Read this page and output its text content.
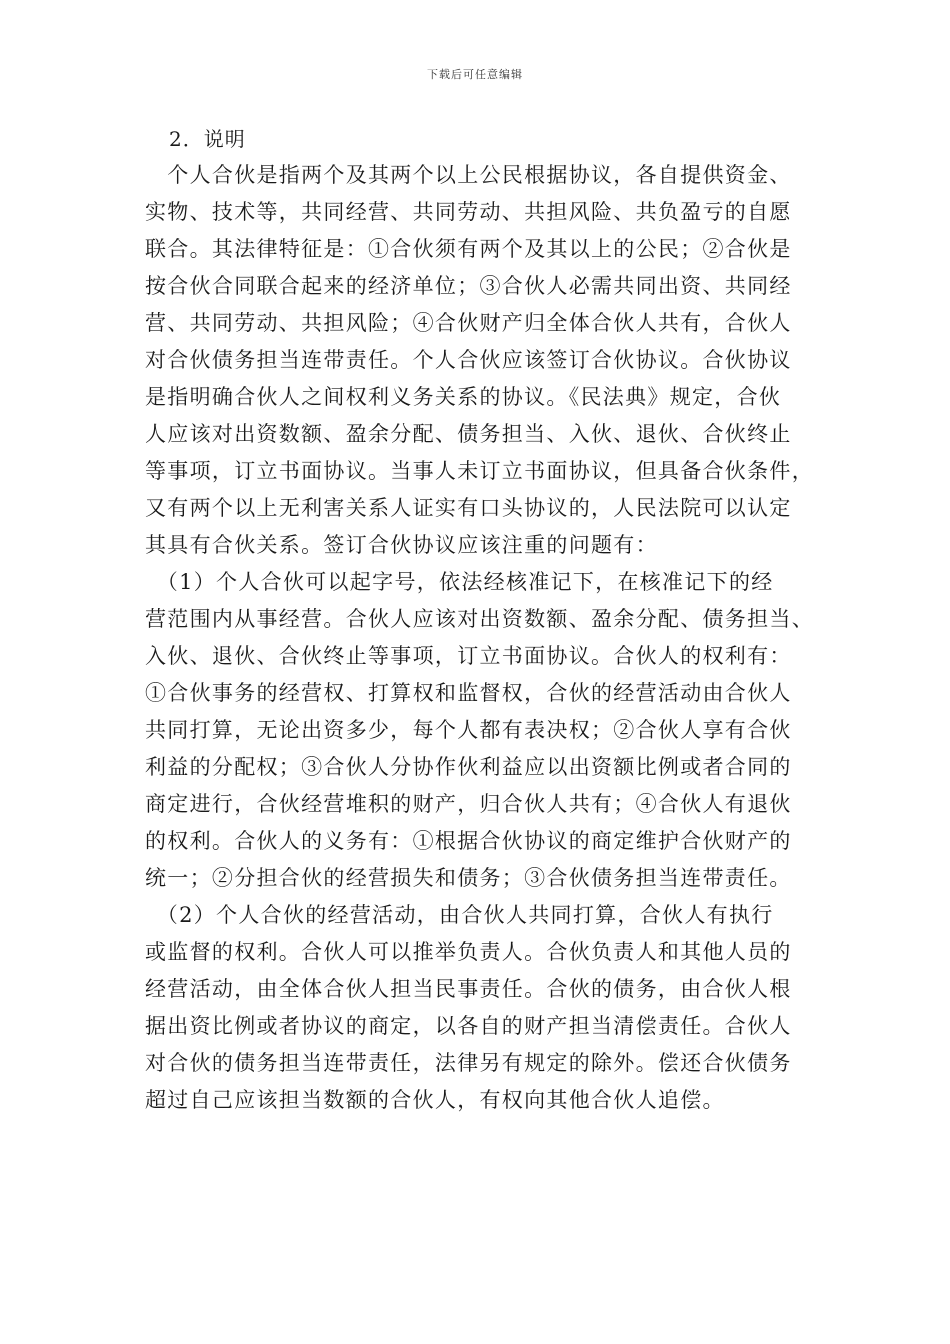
下载后可任意编辑
2．说明
　个人合伙是指两个及其两个以上公民根据协议，各自提供资金、
实物、技术等，共同经营、共同劳动、共担风险、共负盈亏的自愿
联合。其法律特征是：①合伙须有两个及其以上的公民；②合伙是
按合伙合同联合起来的经济单位；③合伙人必需共同出资、共同经
营、共同劳动、共担风险；④合伙财产归全体合伙人共有，合伙人
对合伙债务担当连带责任。个人合伙应该签订合伙协议。合伙协议
是指明确合伙人之间权利义务关系的协议。《民法典》规定，合伙
人应该对出资数额、盈余分配、债务担当、入伙、退伙、合伙终止
等事项，订立书面协议。当事人未订立书面协议，但具备合伙条件，
又有两个以上无利害关系人证实有口头协议的，人民法院可以认定
其具有合伙关系。签订合伙协议应该注重的问题有：
　（1）个人合伙可以起字号，依法经核准记下，在核准记下的经
营范围内从事经营。合伙人应该对出资数额、盈余分配、债务担当、
入伙、退伙、合伙终止等事项，订立书面协议。合伙人的权利有：
①合伙事务的经营权、打算权和监督权，合伙的经营活动由合伙人
共同打算，无论出资多少，每个人都有表决权；②合伙人享有合伙
利益的分配权；③合伙人分协作伙利益应以出资额比例或者合同的
商定进行，合伙经营堆积的财产，归合伙人共有；④合伙人有退伙
的权利。合伙人的义务有：①根据合伙协议的商定维护合伙财产的
统一；②分担合伙的经营损失和债务；③合伙债务担当连带责任。
　（2）个人合伙的经营活动，由合伙人共同打算，合伙人有执行
或监督的权利。合伙人可以推举负责人。合伙负责人和其他人员的
经营活动，由全体合伙人担当民事责任。合伙的债务，由合伙人根
据出资比例或者协议的商定，以各自的财产担当清偿责任。合伙人
对合伙的债务担当连带责任，法律另有规定的除外。偿还合伙债务
超过自己应该担当数额的合伙人，有权向其他合伙人追偿。
